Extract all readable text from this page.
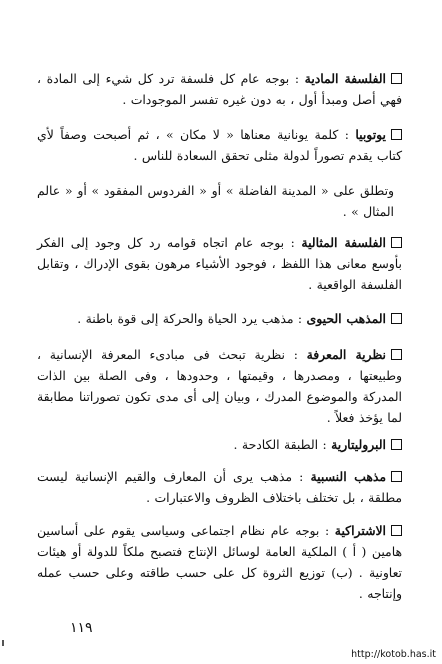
الفلسفة المادية : بوجه عام كل فلسفة ترد كل شيء إلى المادة ، فهي أصل ومبدأ أول ، به دون غيره تفسر الموجودات .
يوتوبيا : كلمة يونانية معناها « لا مكان » ، ثم أصبحت وصفاً لأي كتاب يقدم تصوراً لدولة مثلى تحقق السعادة للناس .
وتطلق على « المدينة الفاضلة » أو « الفردوس المفقود » أو « عالم المثال » .
الفلسفة المثالية : بوجه عام اتجاه قوامه رد كل وجود إلى الفكر بأوسع معانى هذا اللفظ ، فوجود الأشياء مرهون بقوى الإدراك ، وتقابل الفلسفة الواقعية .
المذهب الحيوى : مذهب يرد الحياة والحركة إلى قوة باطنة .
نظرية المعرفة : نظرية تبحث فى مبادىء المعرفة الإنسانية ، وطبيعتها ، ومصدرها ، وقيمتها ، وحدودها ، وفى الصلة بين الذات المدركة والموضوع المدرك ، وبيان إلى أى مدى تكون تصوراتنا مطابقة لما يؤخذ فعلاً .
البروليتارية : الطبقة الكادحة .
مذهب النسبية : مذهب يرى أن المعارف والقيم الإنسانية ليست مطلقة ، بل تختلف باختلاف الظروف والاعتبارات .
الاشتراكية : بوجه عام نظام اجتماعى وسياسى يقوم على أساسين هامين ( أ ) الملكية العامة لوسائل الإنتاج فتصبح ملكاً للدولة أو هيئات تعاونية . (ب) توزيع الثروة كل على حسب طاقته وعلى حسب عمله وإنتاجه .
١١٩
http://kotob.has.it
